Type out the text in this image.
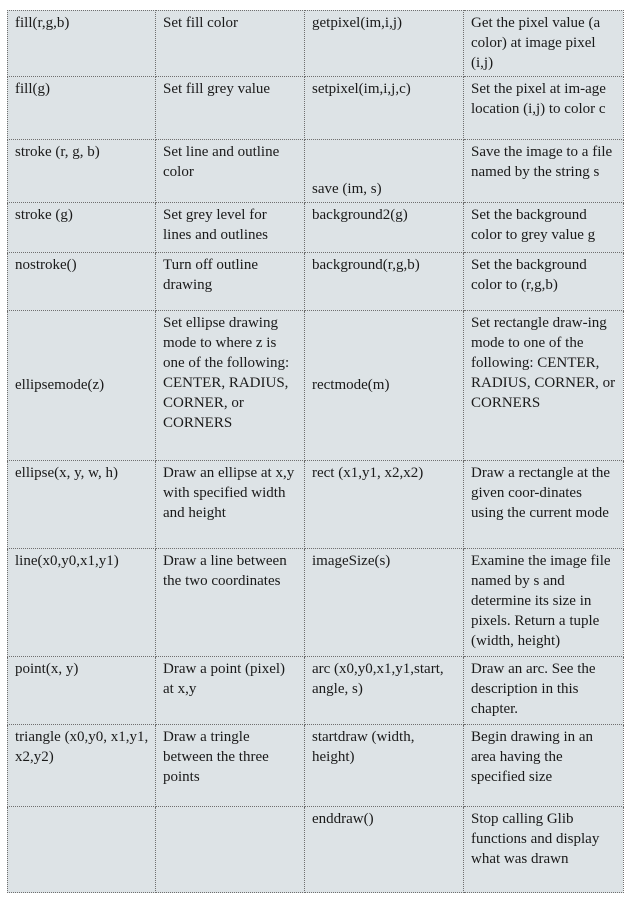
fill(r,g,b)	Set fill color	getpixel(im,i,j)	Get the pixel value (a color) at image pixel (i,j)
fill(g)	Set fill grey value	setpixel(im,i,j,c)	Set the pixel at im-age location (i,j) to color c
stroke (r, g, b)	Set line and outline color	save (im, s)	Save the image to a file named by the string s
stroke (g)	Set grey level for lines and outlines	background2(g)	Set the background color to grey value g
nostroke()	Turn off outline drawing	background(r,g,b)	Set the background color to (r,g,b)
ellipsemode(z)	Set ellipse drawing mode to where z is one of the following: CENTER, RADIUS, CORNER, or CORNERS	rectmode(m)	Set rectangle draw-ing mode to one of the following: CENTER, RADIUS, CORNER, or CORNERS
ellipse(x, y, w, h)	Draw an ellipse at x,y with specified width and height	rect (x1,y1, x2,x2)	Draw a rectangle at the given coor-dinates using the current mode
line(x0,y0,x1,y1)	Draw a line between the two coordinates	imageSize(s)	Examine the image file named by s and determine its size in pixels. Return a tuple (width, height)
point(x, y)	Draw a point (pixel) at x,y	arc (x0,y0,x1,y1,start, angle, s)	Draw an arc. See the description in this chapter.
triangle (x0,y0, x1,y1, x2,y2)	Draw a tringle between the three points	startdraw (width, height)	Begin drawing in an area having the specified size
		enddraw()	Stop calling Glib functions and display what was drawn
